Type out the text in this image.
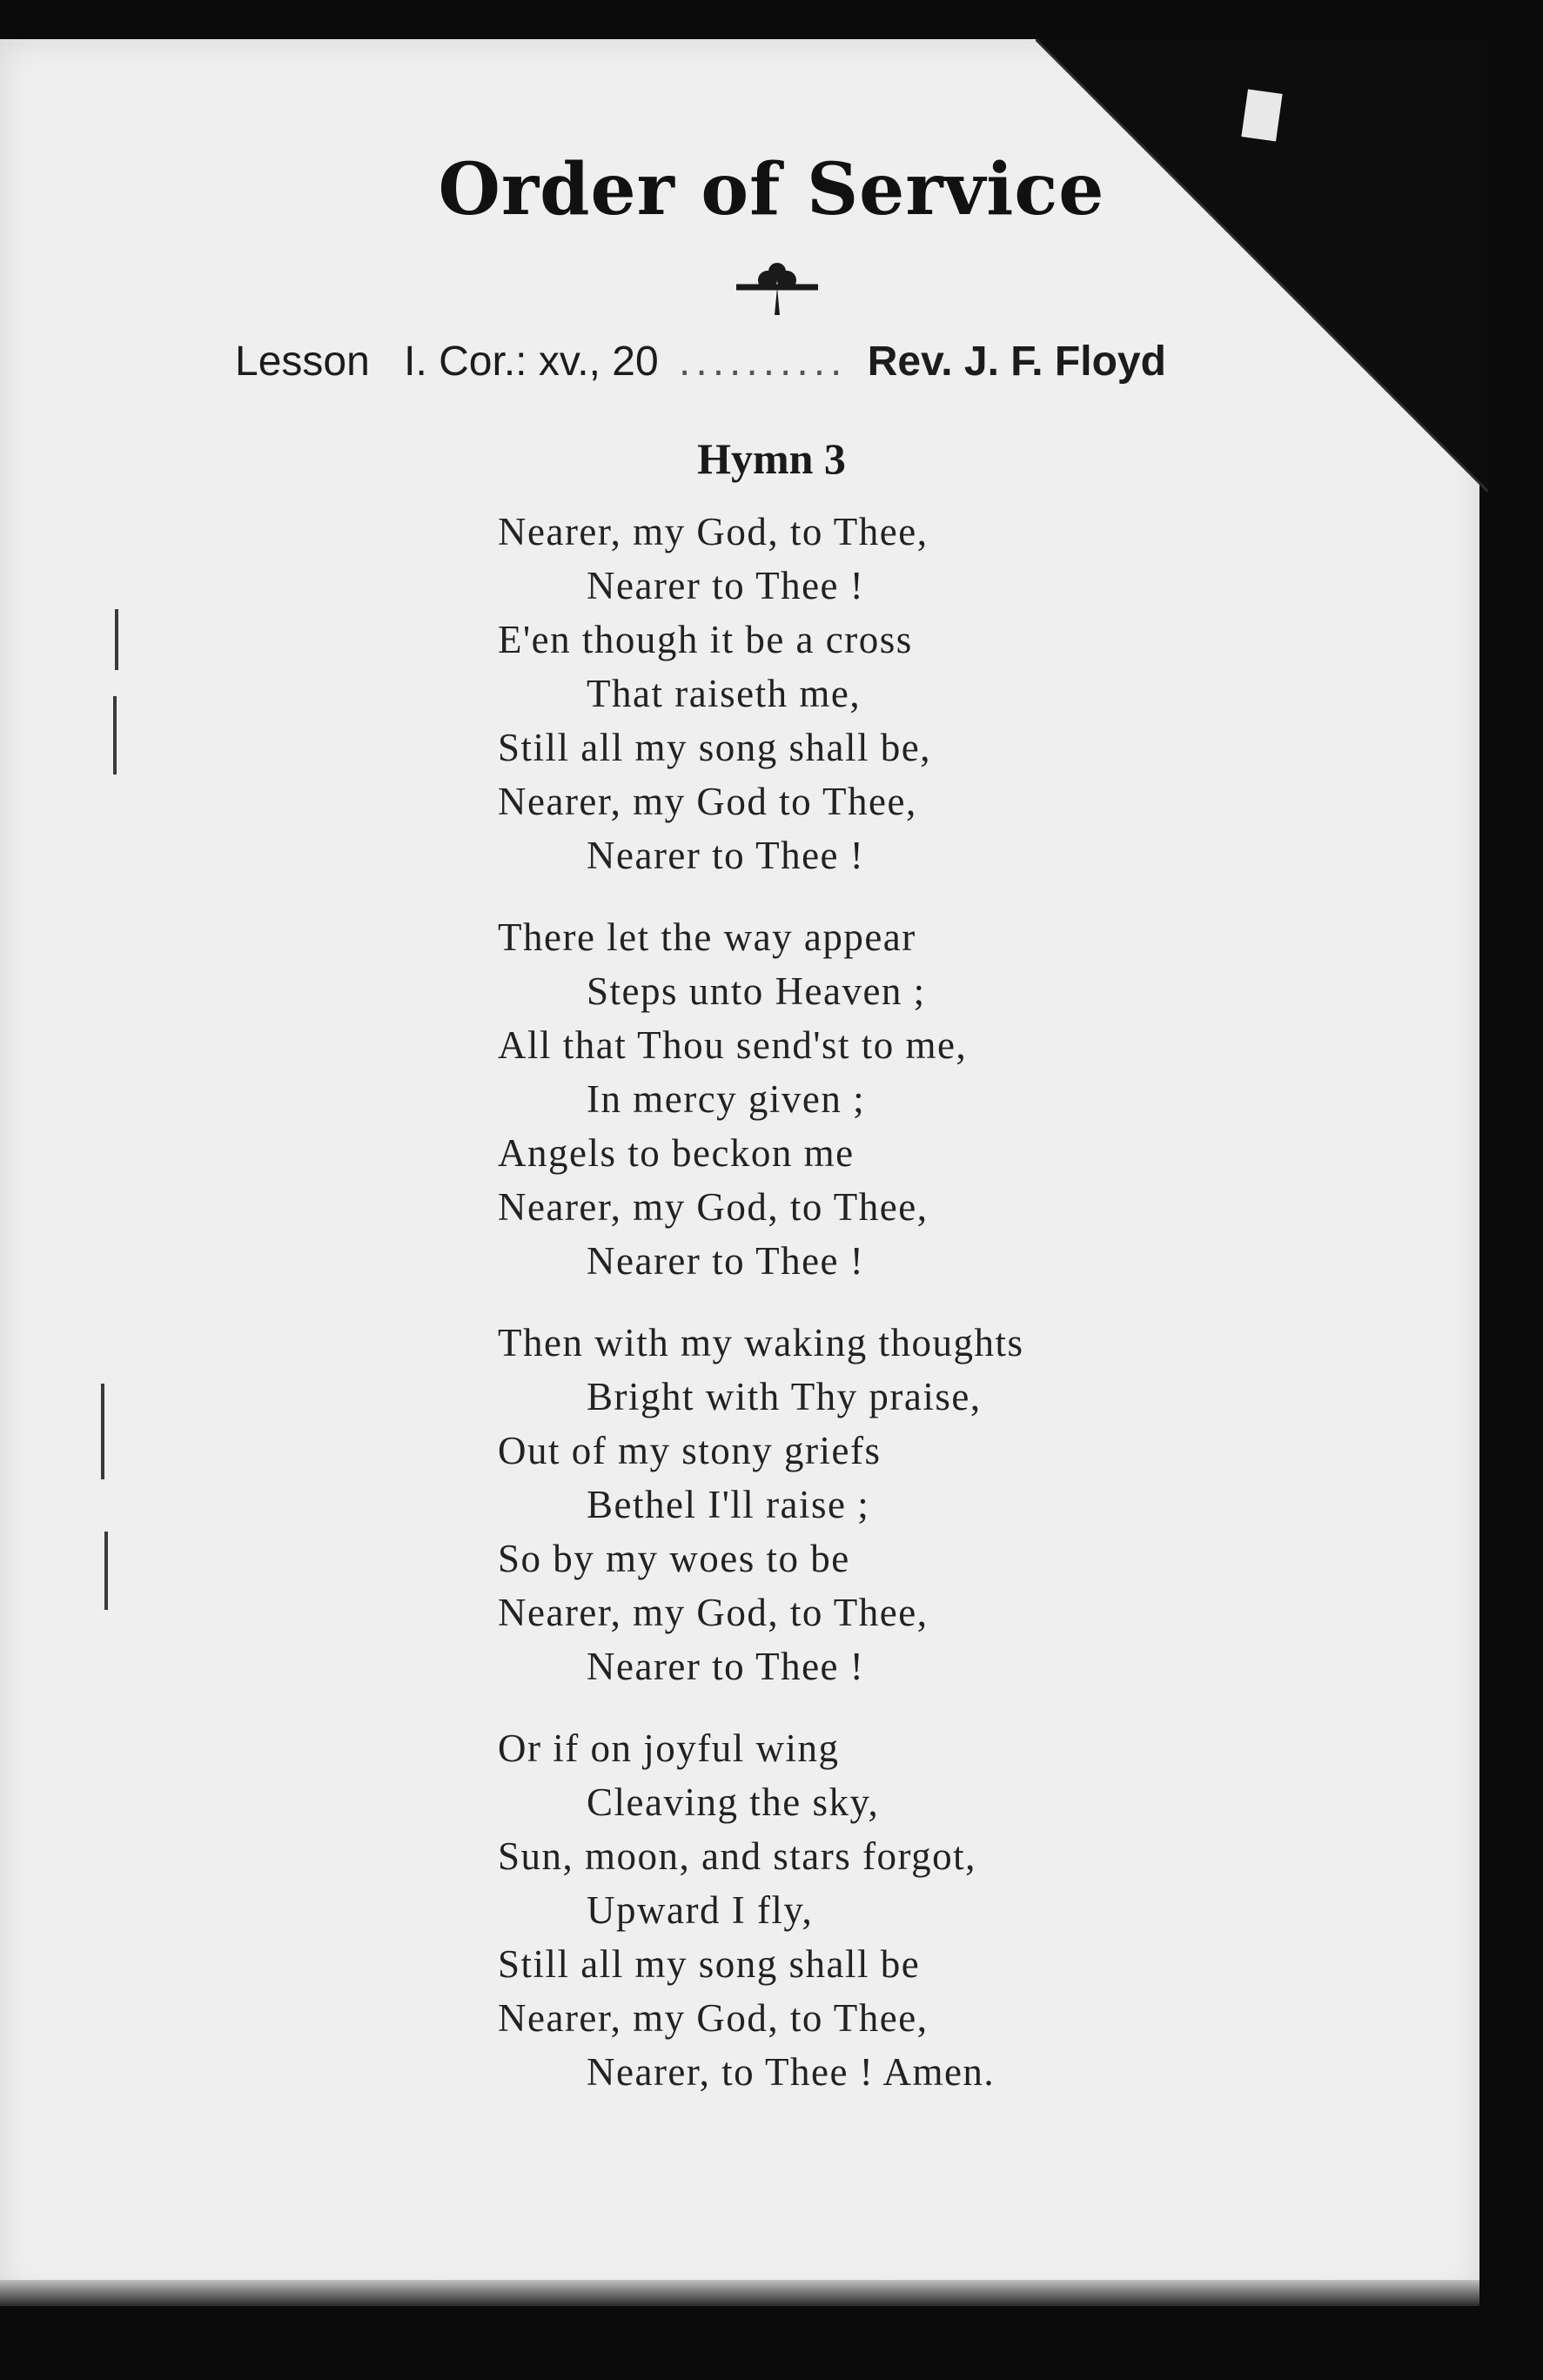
Order of Service
Lesson I. Cor.: xv., 20 .......... Rev. J. F. Floyd
Hymn 3
Nearer, my God, to Thee,
Nearer to Thee !
E'en though it be a cross
That raiseth me,
Still all my song shall be,
Nearer, my God to Thee,
Nearer to Thee !
There let the way appear
Steps unto Heaven ;
All that Thou send'st to me,
In mercy given ;
Angels to beckon me
Nearer, my God, to Thee,
Nearer to Thee !
Then with my waking thoughts
Bright with Thy praise,
Out of my stony griefs
Bethel I'll raise ;
So by my woes to be
Nearer, my God, to Thee,
Nearer to Thee !
Or if on joyful wing
Cleaving the sky,
Sun, moon, and stars forgot,
Upward I fly,
Still all my song shall be
Nearer, my God, to Thee,
Nearer, to Thee ! Amen.
